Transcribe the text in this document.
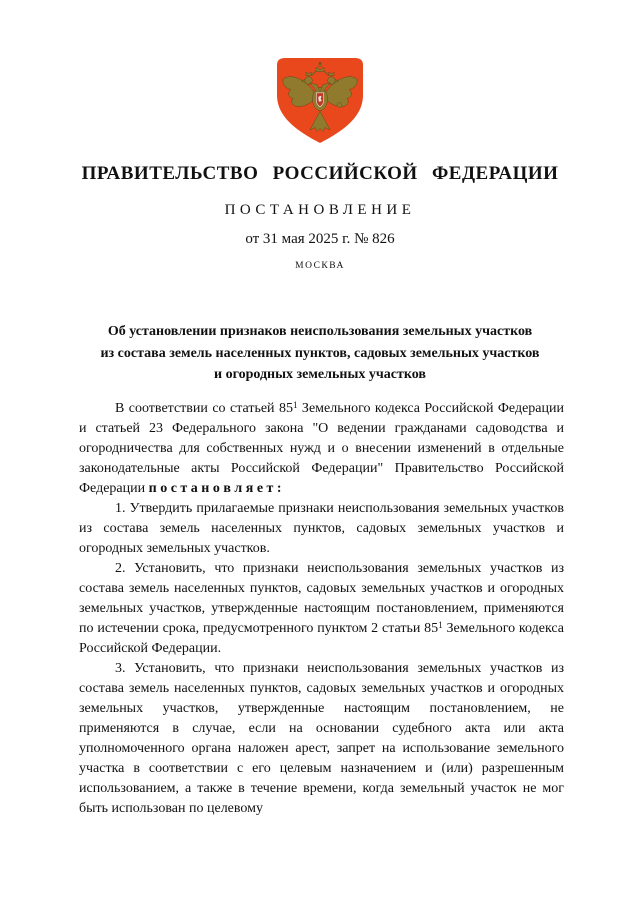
ПРАВИТЕЛЬСТВО РОССИЙСКОЙ ФЕДЕРАЦИИ
ПОСТАНОВЛЕНИЕ
от 31 мая 2025 г. № 826
МОСКВА
Об установлении признаков неиспользования земельных участков
из состава земель населенных пунктов, садовых земельных участков
и огородных земельных участков

В соответствии со статьей 85$^1$ Земельного кодекса Российской Федерации и статьей 23 Федерального закона "О ведении гражданами садоводства и огородничества для собственных нужд и о внесении изменений в отдельные законодательные акты Российской Федерации" Правительство Российской Федерации п о с т а н о в л я е т :

1. Утвердить прилагаемые признаки неиспользования земельных участков из состава земель населенных пунктов, садовых земельных участков и огородных земельных участков.

2. Установить, что признаки неиспользования земельных участков из состава земель населенных пунктов, садовых земельных участков и огородных земельных участков, утвержденные настоящим постановлением, применяются по истечении срока, предусмотренного пунктом 2 статьи 85$^1$ Земельного кодекса Российской Федерации.

3. Установить, что признаки неиспользования земельных участков из состава земель населенных пунктов, садовых земельных участков и огородных земельных участков, утвержденные настоящим постановлением, не применяются в случае, если на основании судебного акта или акта уполномоченного органа наложен арест, запрет на использование земельного участка в соответствии с его целевым назначением и (или) разрешенным использованием, а также в течение времени, когда земельный участок не мог быть использован по целевому
